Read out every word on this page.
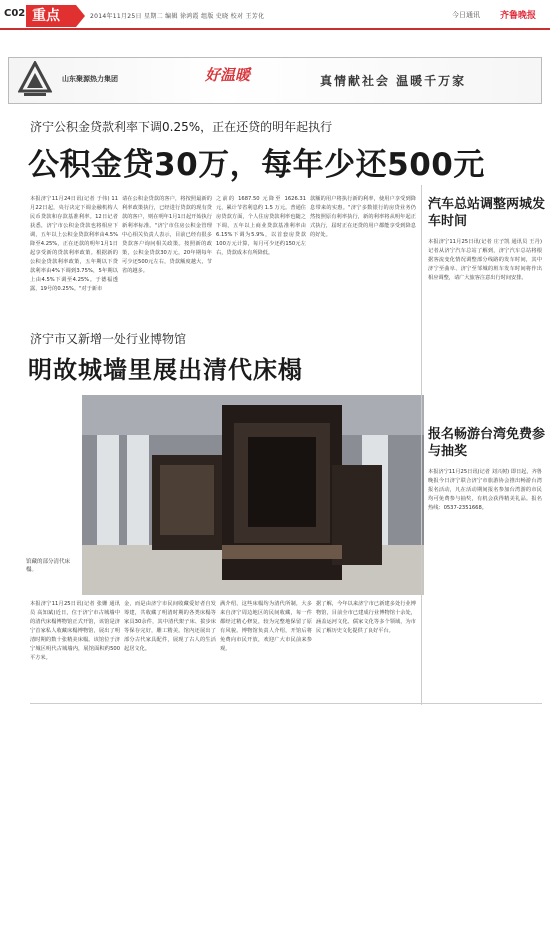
C02 重点	2014年11月25日 星期二 编辑 徐鸿霞 组版 史晓 校对 王芳化	今日通讯 齐鲁晚报
山东聚源热力集团	好温暖	真情献社会 温暖千万家
济宁公积金贷款利率下调0.25%，正在还贷的明年起执行
公积金贷30万，每年少还500元
本报济宁11月24日讯(记者 于伟) 11月22日起，央行决定下调金融机构人民币贷款和存款基准利率。12日记者获悉，济宁市公积金贷款也将相应下调，五年以上公积金贷款利率由4.5%降至4.25%，正在还款的明年1月1日起享受新的贷款利率政策。根据新的公积金贷款利率政策，五年期以下贷款利率由4%下调到3.75%，5年期以上由4.5%下调至4.25%。于德福透露，19号的0.25%。"对于新市
请在公积金贷款的客户，将按照最新的利率政策执行，已经进行贷款的现有贷款的客户，则在明年1月1日起开始执行新利率标准。"济宁市住房公积金管理中心相关负责人表示，目前已经有很多贷款客户询问相关政策。按照新的政策，公积金贷款30万元，20年期每年可少还500元左右，贷款额度越大，节省的越多。
之前的 1687.50 元降至 1626.31 元，累计节省利息约 1.5 万元。普通住房贷款方面，个人住房贷款利率也随之下调，五年以上商业贷款基准利率由6.15%下调为5.9%，以首套房贷款100万元计算，每月可少还约150元左右，贷款成本有所降低。
款额的用户将执行新的利率，使用户享受到降息带来的实惠。"济宁多数银行的房贷业务仍然按照原有利率执行，新的利率将从明年起正式执行，届时正在还贷的用户都能享受到降息的好处。
济宁市又新增一处行业博物馆
明故城墙里展出清代床榻
馆藏的部分清代床榻。
本报济宁11月25日讯(记者 张姗 通讯员 高知斌)近日，位于济宁市古城墙中的清代床榻博物馆正式开馆，该馆是济宁首家私人收藏床榻博物馆，展出了明清时期的数十张精美床榻。该馆位于济宁城区明代古城墙内，展馆面积约500平方米。
金，而是由济宁市民间收藏爱好者自发筹建，共收藏了明清时期的各类床榻等家具30余件，其中清代架子床、拔步床等保存完好，雕工精美。馆内还展出了部分古代家具配件，展现了古人的生活起居文化。
满介绍，这些床榻均为清代所制，大多来自济宁周边地区的民间收藏，每一件都经过精心修复，较为完整地保留了原有风貌。博物馆负责人介绍，开馆后将免费向市民开放，欢迎广大市民前来参观。
据了解，今年以来济宁市已新建多处行业博物馆，目前全市已建成行业博物馆十余处，涵盖运河文化、儒家文化等多个领域，为市民了解历史文化提供了良好平台。
汽车总站调整两城发车时间
本报济宁11月25日讯(记者 庄子凯 通讯员 王丹) 记者从济宁汽车总站了解到，济宁汽车总站将根据客流变化情况调整部分线路的发车时间，其中济宁至曲阜、济宁至邹城的班车发车时间将作出相应调整，请广大旅客注意出行时间安排。
报名畅游台湾免费参与抽奖
本报济宁11月25日讯(记者 刘兴树) 即日起，齐鲁晚报今日济宁联合济宁市旅游协会推出畅游台湾报名活动，凡在活动期间报名参加台湾游的市民均可免费参与抽奖，有机会获得精美礼品。报名热线：0537-2351668。
